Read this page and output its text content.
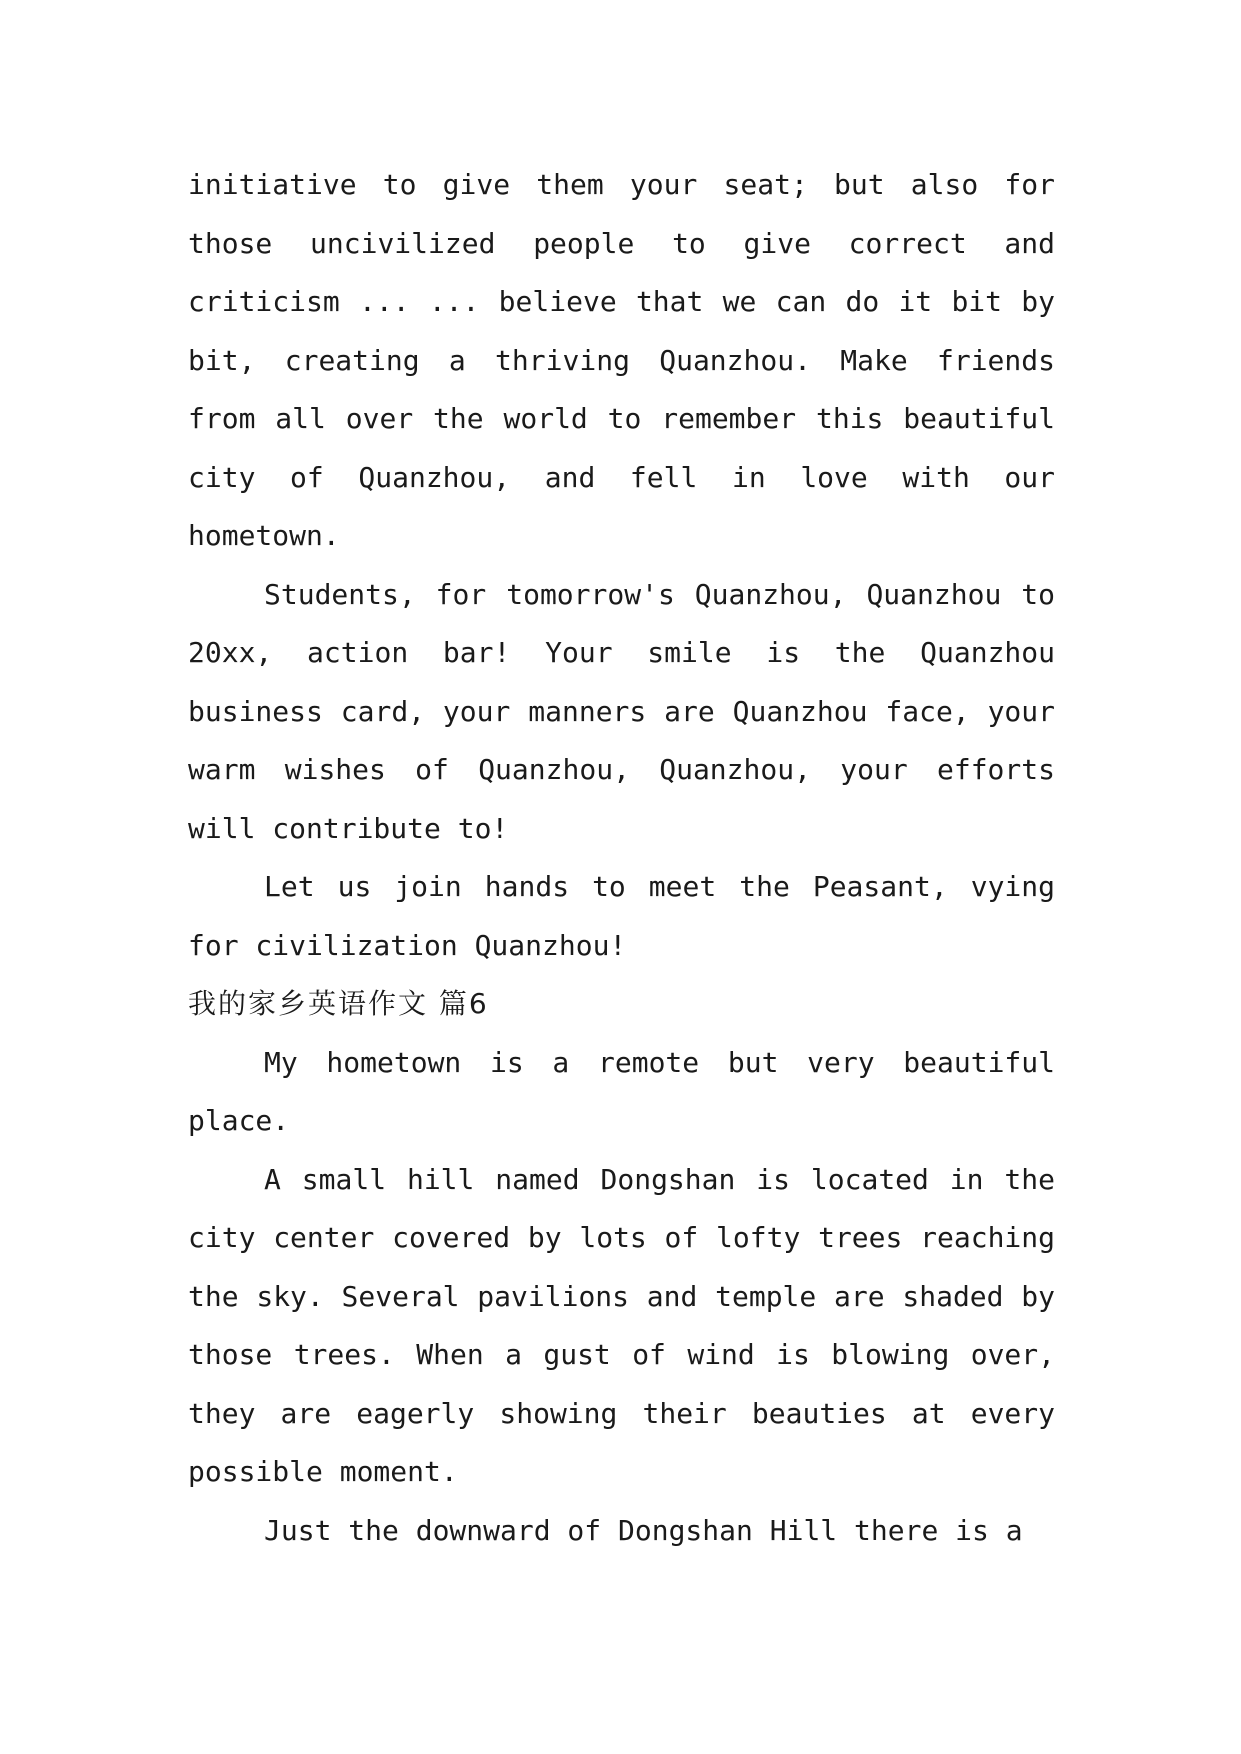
initiative to give them your seat; but also for those uncivilized people to give correct and criticism ... ... believe that we can do it bit by bit, creating a thriving Quanzhou. Make friends from all over the world to remember this beautiful city of Quanzhou, and fell in love with our hometown.

Students, for tomorrow's Quanzhou, Quanzhou to 20xx, action bar! Your smile is the Quanzhou business card, your manners are Quanzhou face, your warm wishes of Quanzhou, Quanzhou, your efforts will contribute to!

Let us join hands to meet the Peasant, vying for civilization Quanzhou!

我的家乡英语作文 篇6

My hometown is a remote but very beautiful place.

A small hill named Dongshan is located in the city center covered by lots of lofty trees reaching the sky. Several pavilions and temple are shaded by those trees. When a gust of wind is blowing over, they are eagerly showing their beauties at every possible moment.

Just the downward of Dongshan Hill there is a
